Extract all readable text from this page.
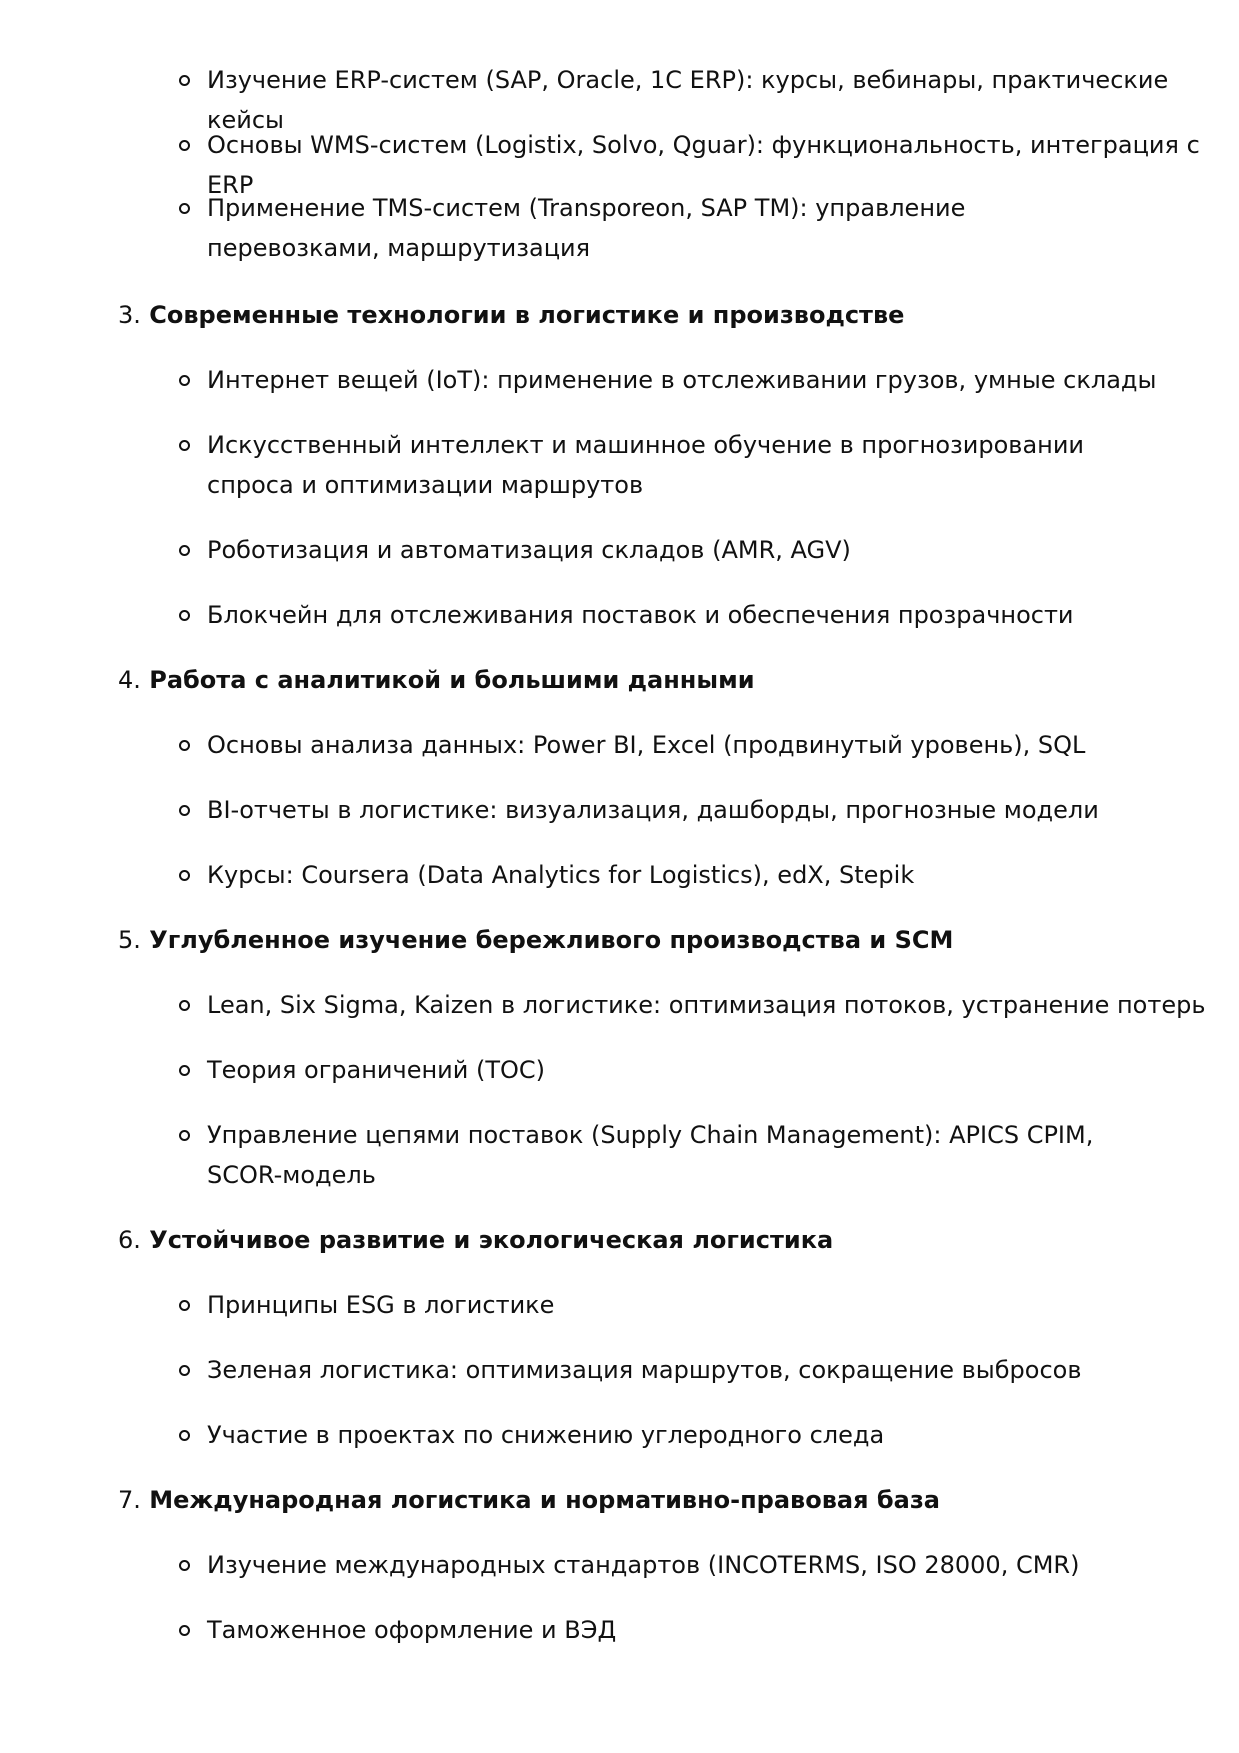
Изучение ERP-систем (SAP, Oracle, 1C ERP): курсы, вебинары, практические кейсы
Основы WMS-систем (Logistix, Solvo, Qguar): функциональность, интеграция с ERP
Применение TMS-систем (Transporeon, SAP TM): управление перевозками, маршрутизация
3. Современные технологии в логистике и производстве
Интернет вещей (IoT): применение в отслеживании грузов, умные склады
Искусственный интеллект и машинное обучение в прогнозировании спроса и оптимизации маршрутов
Роботизация и автоматизация складов (AMR, AGV)
Блокчейн для отслеживания поставок и обеспечения прозрачности
4. Работа с аналитикой и большими данными
Основы анализа данных: Power BI, Excel (продвинутый уровень), SQL
BI-отчеты в логистике: визуализация, дашборды, прогнозные модели
Курсы: Coursera (Data Analytics for Logistics), edX, Stepik
5. Углубленное изучение бережливого производства и SCM
Lean, Six Sigma, Kaizen в логистике: оптимизация потоков, устранение потерь
Теория ограничений (TOC)
Управление цепями поставок (Supply Chain Management): APICS CPIM, SCOR-модель
6. Устойчивое развитие и экологическая логистика
Принципы ESG в логистике
Зеленая логистика: оптимизация маршрутов, сокращение выбросов
Участие в проектах по снижению углеродного следа
7. Международная логистика и нормативно-правовая база
Изучение международных стандартов (INCOTERMS, ISO 28000, CMR)
Таможенное оформление и ВЭД
